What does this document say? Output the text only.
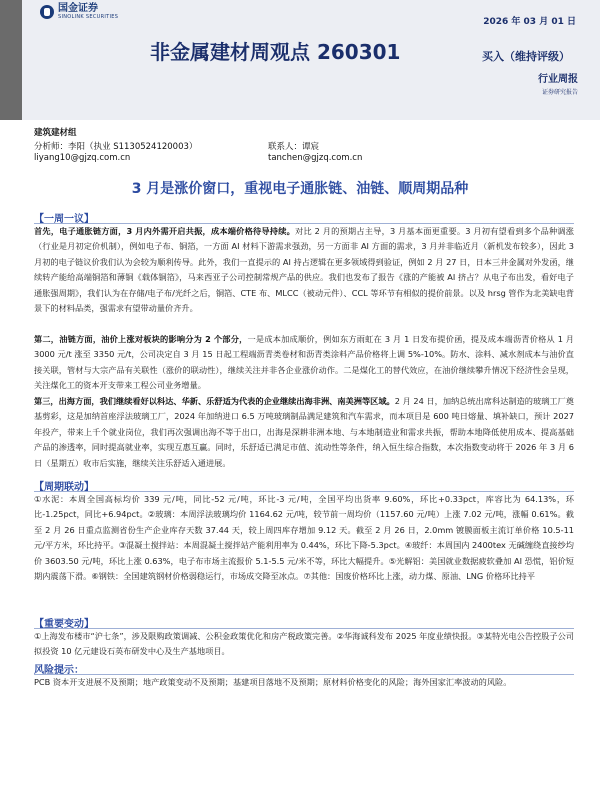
国金证券
SINOLINK SECURITIES	2026 年 03 月 01 日
非金属建材周观点 260301	买入（维持评级）
行业周报
证券研究报告
建筑建材组
分析师：李阳（执业 S1130524120003）
liyang10@gjzq.com.cn
联系人：谭宸
tanchen@gjzq.com.cn
3 月是涨价窗口，重视电子通胀链、油链、顺周期品种
【一周一议】
首先，电子通胀链方面，3 月内外需开启共振，成本端价格待导持续。对比 2 月的预期占主导，3 月基本面更重要。3 月初有望看到多个品种调涨（行业是月初定价机制），例如电子布、铜箔，一方面 AI 材料下游需求强劲，另一方面非 AI 方面的需求，3 月并非临近月（新机发布较多），因此 3 月初的电子链议价我们认为会较为顺利传导。此外，我们一直提示的 AI 持占逻辑在更多领域得到验证，例如 2 月 27 日，日本三井金属对外发函，继续转产能给高端铜箔和薄铜《载体铜箔》，马来西亚子公司控制常规产品的供应。我们也发布了报告《涨的产能被 AI 挤占？从电子布出发，看好电子通胀强周期》，我们认为在存储/电子布/光纤之后，铜箔、CTE 布、MLCC（被动元件）、CCL 等环节有相似的提价前景。以及 hrsg 管作为北美缺电背景下的材料品类，强需求有望带动量价齐升。
第二，油链方面，油价上涨对板块的影响分为 2 个部分，一是成本加成顺价，例如东方雨虹在 3 月 1 日发布提价函，提及成本端沥青价格从 1 月 3000 元/t 涨至 3350 元/t，公司决定自 3 月 15 日起工程端沥青类卷材和沥青类涂料产品价格将上调 5%-10%。防水、涂料、减水剂成本与油价直接关联，管材与大宗产品有关联性（涨价的联动性），继续关注并非各企业涨价动作。二是煤化工的替代效应，在油价继续攀升情况下经济性会呈现，关注煤化工的资本开支带来工程公司业务增量。
第三，出海方面，我们继续看好以科达、华新、乐舒适为代表的企业继续出海非洲、南美洲等区域。2 月 24 日，加纳总统出席科达制造的玻璃工厂奠基剪彩，这是加纳首座浮法玻璃工厂，2024 年加纳进口 6.5 万吨玻璃制品满足建筑和汽车需求，而本项目是 600 吨日熔量、填补缺口，预计 2027 年投产，带来上千个就业岗位，我们再次强调出海不等于出口，出海是深耕非洲本地、与本地制造业和需求共振，帮助本地降低使用成本、提高基础产品的渗透率，同时提高就业率，实现互惠互赢。同时，乐舒适已满足市值、流动性等条件，纳入恒生综合指数，本次指数变动将于 2026 年 3 月 6 日（星期五）收市后实施，继续关注乐舒适入通进展。
【周期联动】
①水泥：本周全国高标均价 339 元/吨，同比-52 元/吨，环比-3 元/吨，全国平均出货率 9.60%，环比+0.33pct，库容比为 64.13%，环比-1.25pct，同比+6.94pct。②玻璃：本周浮法玻璃均价 1164.62 元/吨，较节前一周均价（1157.60 元/吨）上涨 7.02 元/吨，涨幅 0.61%。截至 2 月 26 日重点监测省份生产企业库存天数 37.44 天，较上周四库存增加 9.12 天。截至 2 月 26 日，2.0mm 镀膜面板主流订单价格 10.5-11 元/平方米，环比持平。③混凝土搅拌站：本周混凝土搅拌站产能利用率为 0.44%，环比下降-5.3pct。④玻纤：本周国内 2400tex 无碱缠绕直接纱均价 3603.50 元/吨，环比上涨 0.63%，电子布市场主流报价 5.1-5.5 元/米不等，环比大幅提升。⑤光解铝：美国就业数据疲软叠加 AI 恐慌，铝价短期内震荡下滑。⑥钢铁：全国建筑钢材价格弱稳运行，市场成交降至冰点。⑦其他：国废价格环比上涨，动力煤、原油、LNG 价格环比持平
【重要变动】
①上海发布楼市“沪七条”，涉及限购政策调减、公积金政策优化和房产税政策完善。②华海诚科发布 2025 年度业绩快报。③某特光电公告控股子公司拟投资 10 亿元建设石英布研发中心及生产基地项目。
风险提示：
PCB 资本开支进展不及预期；地产政策变动不及预期；基建项目落地不及预期；原材料价格变化的风险；海外国家汇率波动的风险。
